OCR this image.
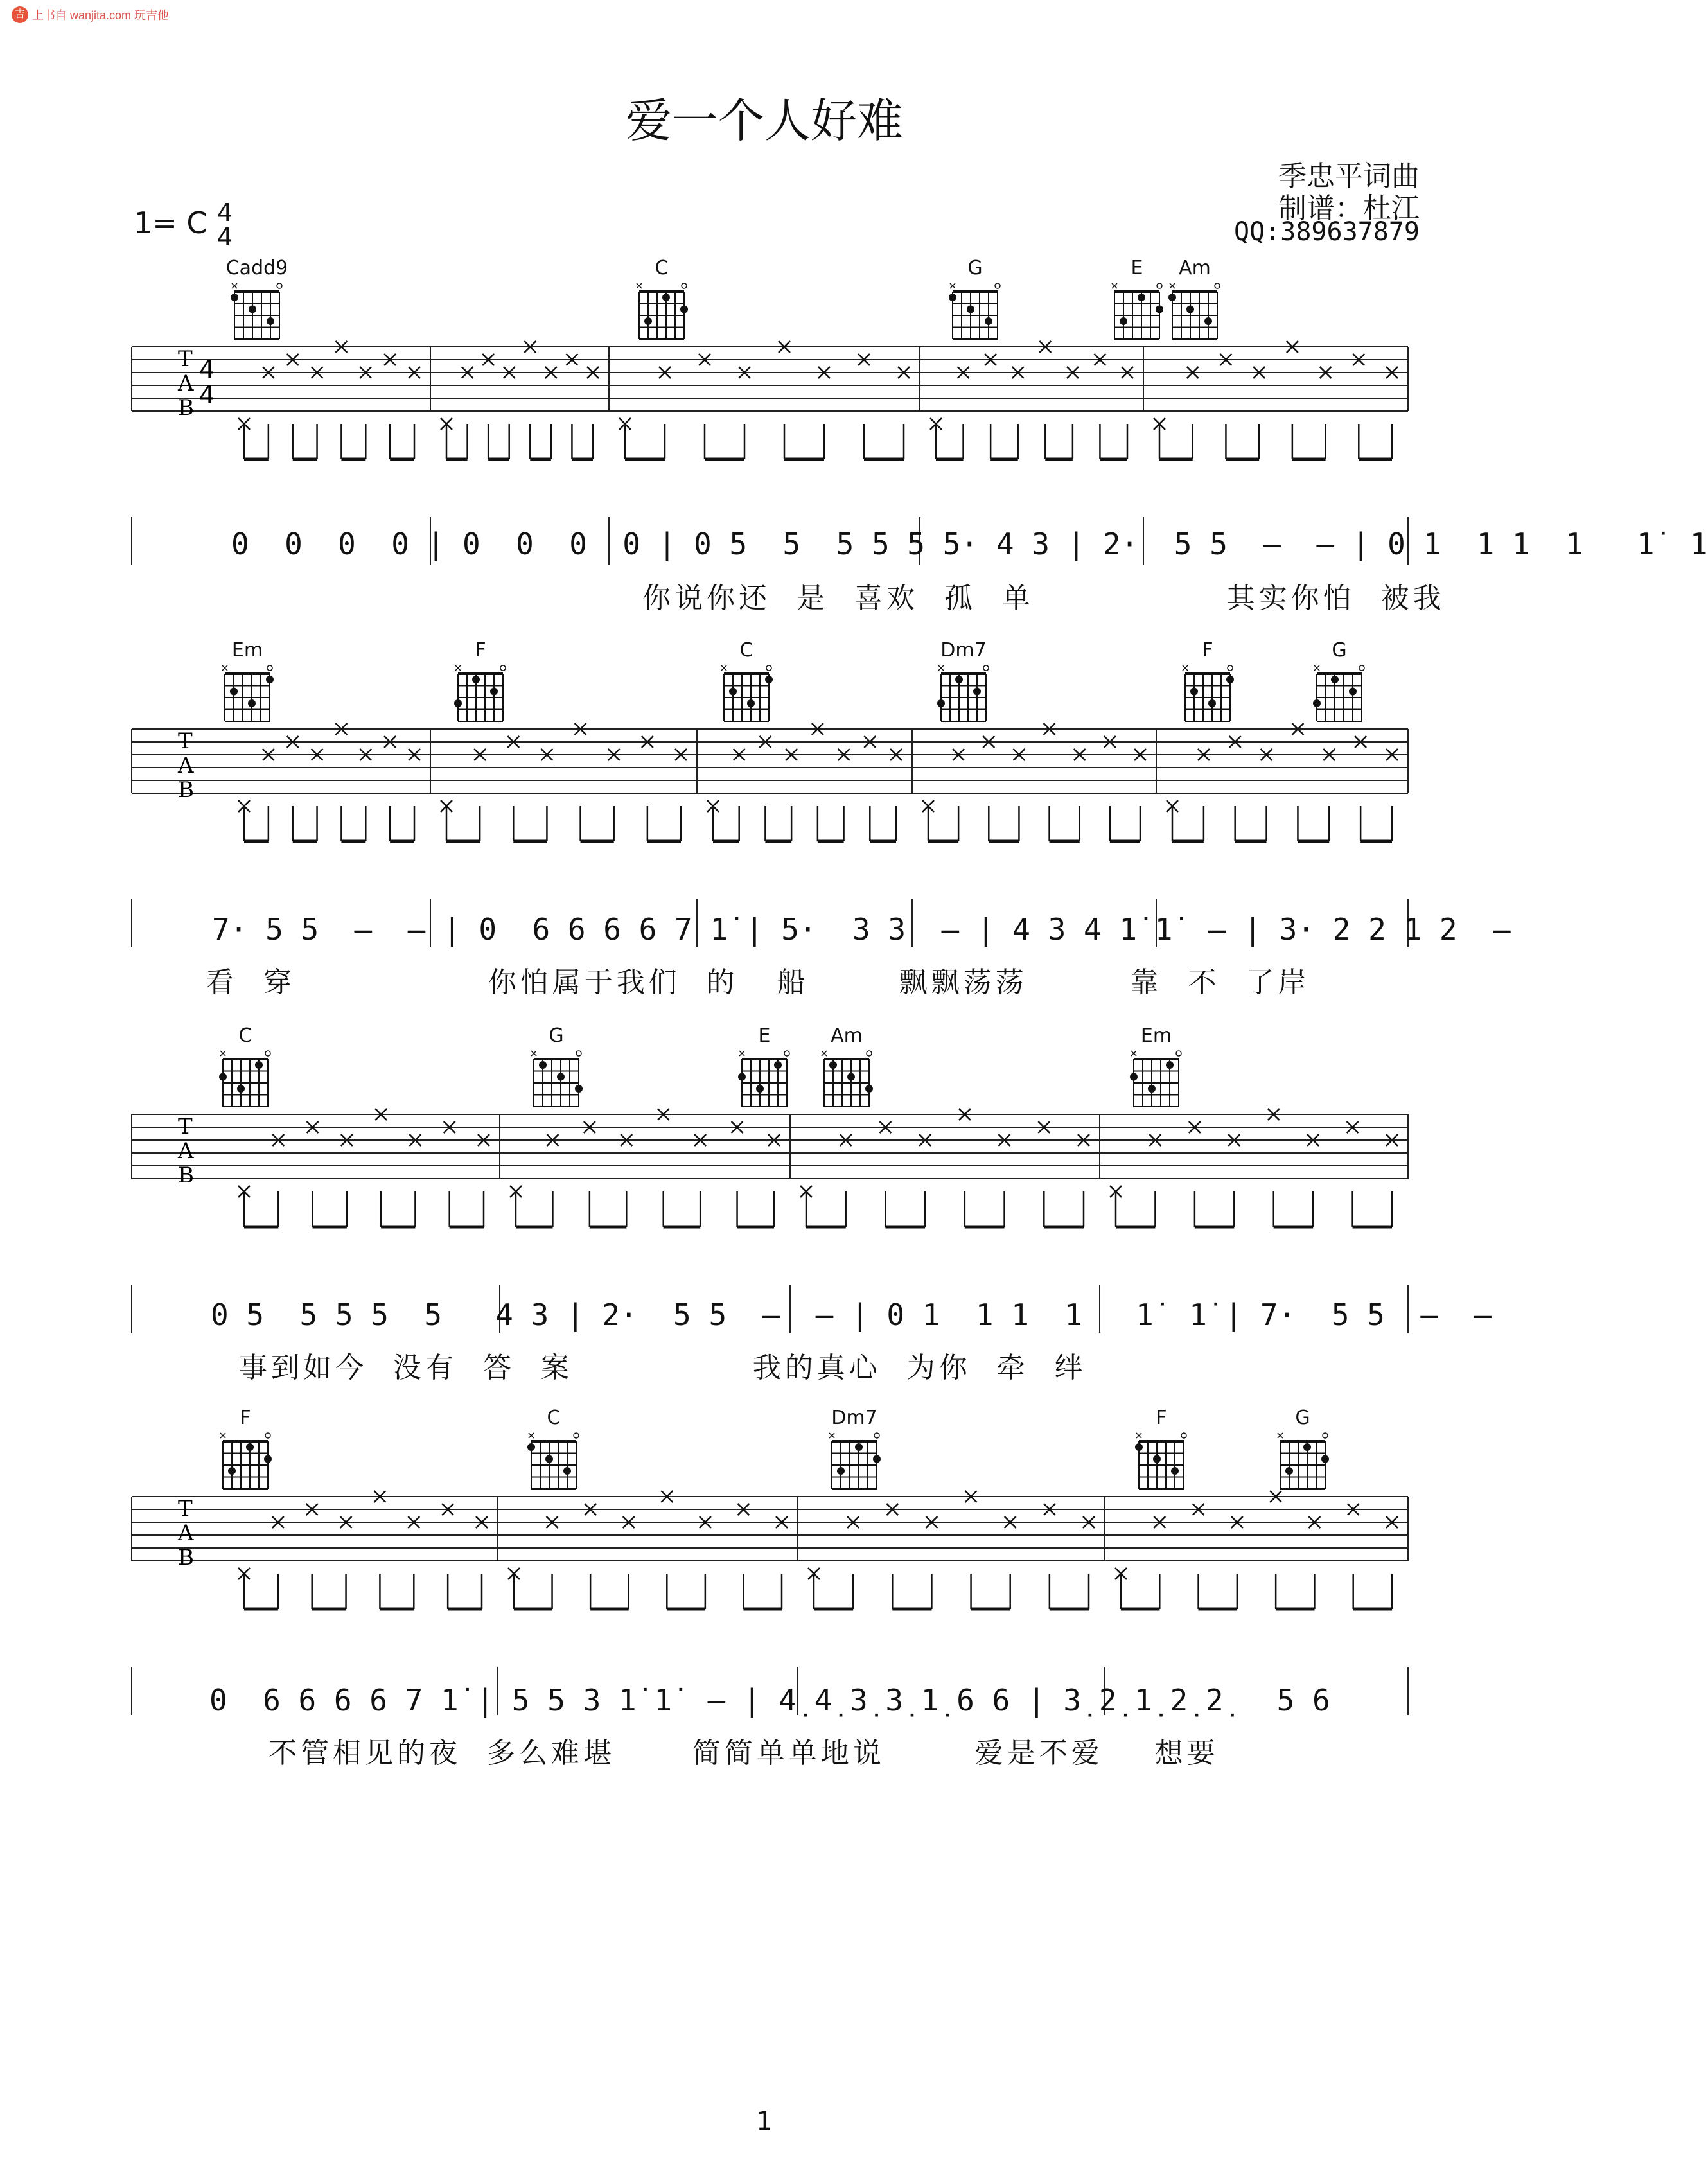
吉 上书自 wanjita.com 玩吉他
爱一个人好难
季忠平词曲
制谱：杜江
QQ:389637879
1= C 4
4
T
A
B
4
4
T
A
B
T
A
B
T
A
B
Cadd9	C	G	E	Am
Em	F	C	Dm7	F	G
C	G	E	Am	Em
F	C	Dm7	F	G
0  0  0  0 | 0  0  0  0 | 0 5  5  5 5 5 5· 4 3 | 2·  5 5  —  — | 0 1  1 1  1   1̇  1̇
你说你还  是  喜欢  孤  单               其实你怕  被我
7· 5 5  —  — | 0  6 6 6 6 7 1̇ | 5·  3 3  — | 4 3 4 1̇ 1̇  — | 3· 2 2 1 2  —
看  穿               你怕属于我们  的   船       飘飘荡荡        靠  不  了岸
0 5  5 5 5  5   4 3 | 2·  5 5  —  — | 0 1  1 1  1   1̇  1̇ | 7·  5 5  —  —
事到如今  没有  答  案              我的真心  为你  牵  绊
0  6 6 6 6 7 1̇ | 5 5 3 1̇ 1̇  — | 4̣ 4̣ 3̣ 3̣ 1̣ 6 6 | 3̣ 2̣ 1̣ 2̣ 2̣   5 6
不管相见的夜  多么难堪      简简单单地说       爱是不爱    想要
1
